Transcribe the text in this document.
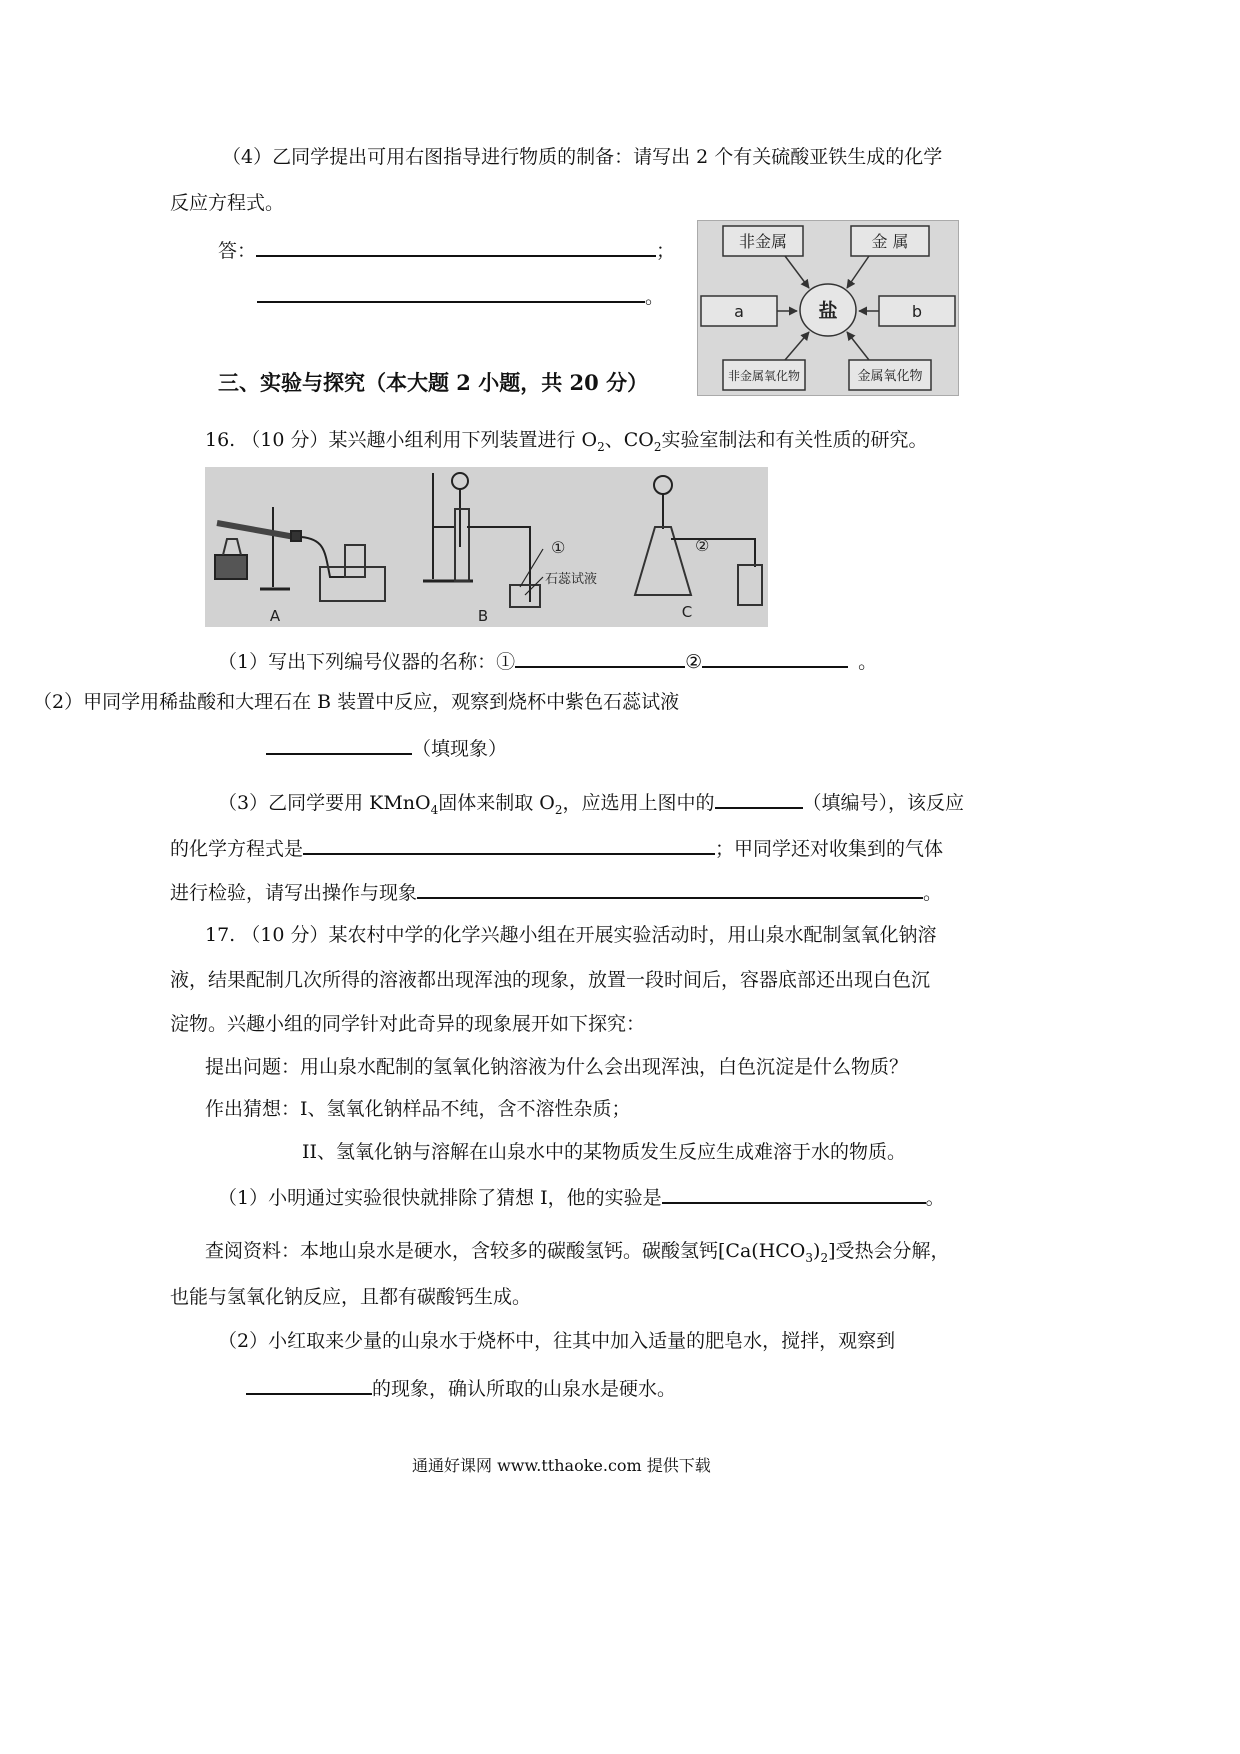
（4）乙同学提出可用右图指导进行物质的制备：请写出 2 个有关硫酸亚铁生成的化学
反应方程式。
答：	；
。
非金属	金 属
a	b
盐
非金属氧化物	金属氧化物
三、实验与探究（本大题 2 小题，共 20 分）
16. （10 分）某兴趣小组利用下列装置进行 $O_2$、$CO_2$实验室制法和有关性质的研究。
A
①
石蕊试液
B
②
C
（1）写出下列编号仪器的名称：①	②	。
（2）甲同学用稀盐酸和大理石在 B 装置中反应，观察到烧杯中紫色石蕊试液
（填现象）
（3）乙同学要用 KMnO$_4$固体来制取 $O_2$，应选用上图中的	（填编号），该反应
的化学方程式是	；甲同学还对收集到的气体
进行检验，请写出操作与现象	。
17. （10 分）某农村中学的化学兴趣小组在开展实验活动时，用山泉水配制氢氧化钠溶
液，结果配制几次所得的溶液都出现浑浊的现象，放置一段时间后，容器底部还出现白色沉
淀物。兴趣小组的同学针对此奇异的现象展开如下探究：
提出问题：用山泉水配制的氢氧化钠溶液为什么会出现浑浊，白色沉淀是什么物质？
作出猜想：I、氢氧化钠样品不纯，含不溶性杂质；
II、氢氧化钠与溶解在山泉水中的某物质发生反应生成难溶于水的物质。
（1）小明通过实验很快就排除了猜想 I，他的实验是	。
查阅资料：本地山泉水是硬水，含较多的碳酸氢钙。碳酸氢钙$[Ca(HCO_3)_2]$受热会分解，
也能与氢氧化钠反应，且都有碳酸钙生成。
（2）小红取来少量的山泉水于烧杯中，往其中加入适量的肥皂水，搅拌，观察到
的现象，确认所取的山泉水是硬水。
通通好课网 www.tthaoke.com 提供下载
